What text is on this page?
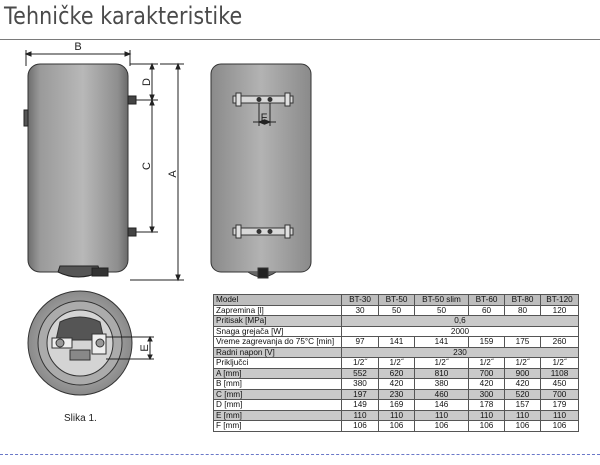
Tehničke karakteristike
B
D
C
A
F
E
Slika 1.
Model	BT-30	BT-50	BT-50 slim	BT-60	BT-80	BT-120
Zapremina [l]	30	50	50	60	80	120
Pritisak [MPa]	0,6					
Snaga grejača [W]	2000					
Vreme zagrevanja do 75°C [min]	97	141	141	159	175	260
Radni napon [V]	230					
Priključci	1/2˝	1/2˝	1/2˝	1/2˝	1/2˝	1/2˝
A [mm]	552	620	810	700	900	1108
B [mm]	380	420	380	420	420	450
C [mm]	197	230	460	300	520	700
D [mm]	149	169	146	178	157	179
E [mm]	110	110	110	110	110	110
F [mm]	106	106	106	106	106	106
